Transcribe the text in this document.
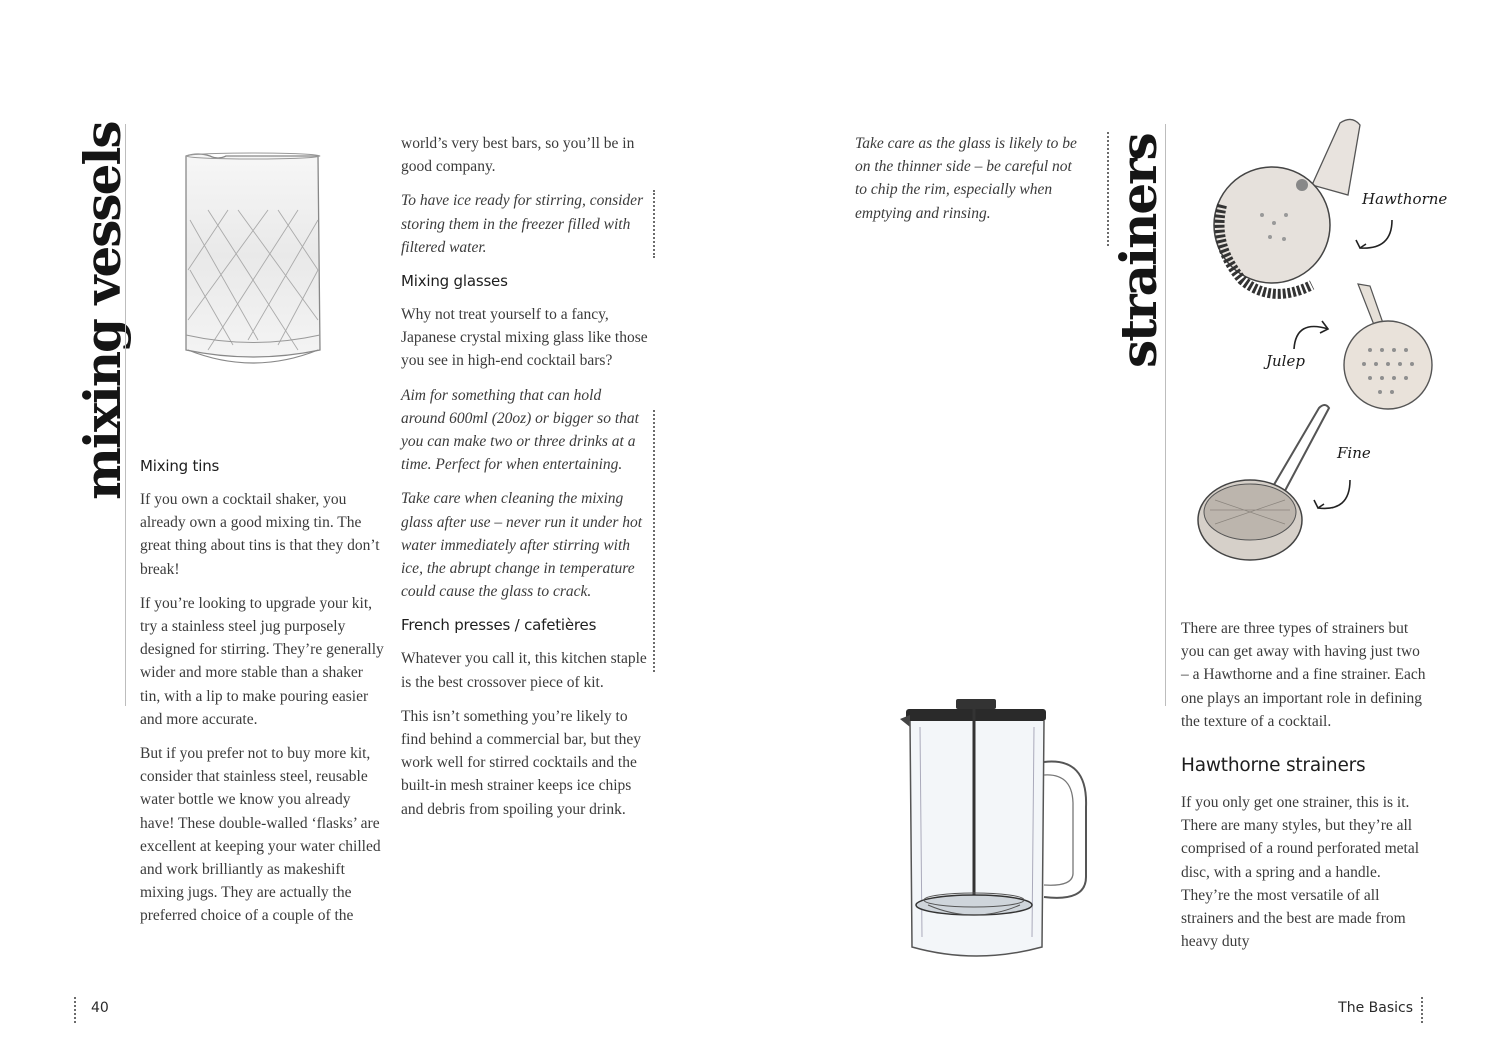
mixing vessels Mixing tins

If you own a cocktail shaker, you already own a good mixing tin. The great thing about tins is that they don’t break!

If you’re looking to upgrade your kit, try a stainless steel jug purposely designed for stirring. They’re generally wider and more stable than a shaker tin, with a lip to make pouring easier and more accurate.

But if you prefer not to buy more kit, consider that stainless steel, reusable water bottle we know you already have! These double-walled ‘flasks’ are excellent at keeping your water chilled and work brilliantly as makeshift mixing jugs. They are actually the preferred choice of a couple of the

world’s very best bars, so you’ll be in good company.

To have ice ready for stirring, consider storing them in the freezer filled with filtered water.

Mixing glasses

Why not treat yourself to a fancy, Japanese crystal mixing glass like those you see in high-end cocktail bars?

Aim for something that can hold around 600ml (20oz) or bigger so that you can make two or three drinks at a time. Perfect for when entertaining.

Take care when cleaning the mixing glass after use – never run it under hot water immediately after stirring with ice, the abrupt change in temperature could cause the glass to crack.

French presses / cafetières

Whatever you call it, this kitchen staple is the best crossover piece of kit.

This isn’t something you’re likely to find behind a commercial bar, but they work well for stirred cocktails and the built-in mesh strainer keeps ice chips and debris from spoiling your drink.

40

Take care as the glass is likely to be on the thinner side – be careful not to chip the rim, especially when emptying and rinsing.	strainers	Hawthorne
Julep
Fine

There are three types of strainers but you can get away with having just two – a Hawthorne and a fine strainer. Each one plays an important role in defining the texture of a cocktail.

Hawthorne strainers

If you only get one strainer, this is it. There are many styles, but they’re all comprised of a round perforated metal disc, with a spring and a handle. They’re the most versatile of all strainers and the best are made from heavy duty

The Basics
